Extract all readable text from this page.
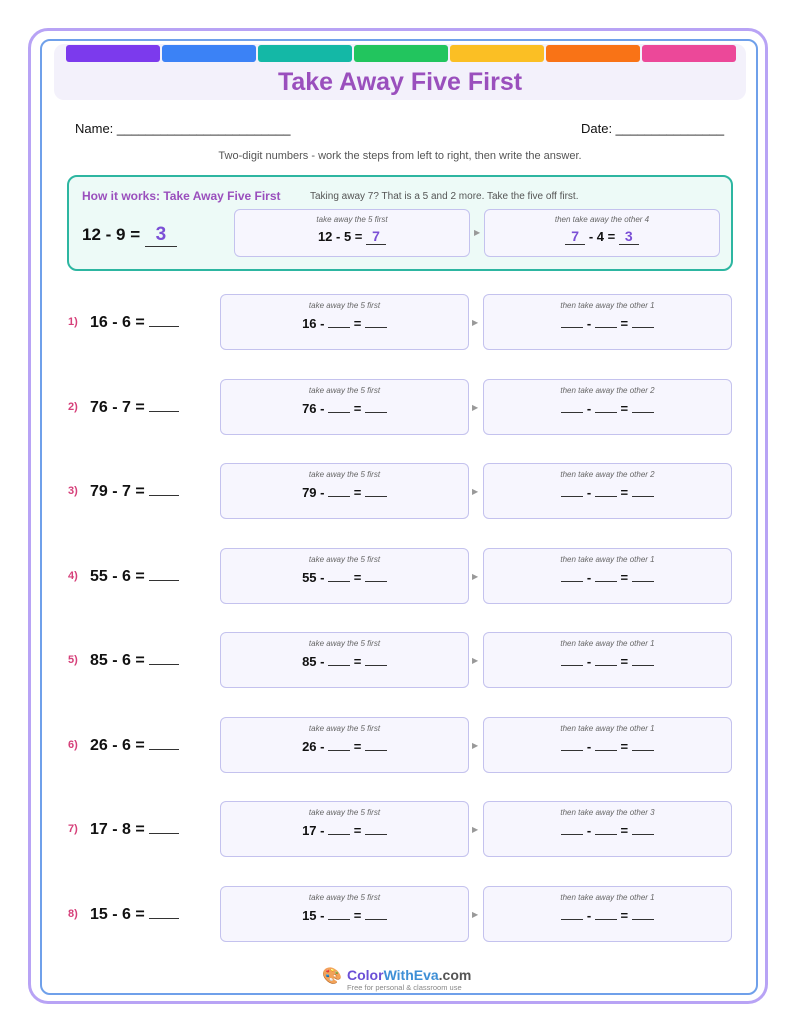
Take Away Five First
Name: ________________________	Date: _______________
Two-digit numbers - work the steps from left to right, then write the answer.
How it works: Take Away Five First	Taking away 7? That is a 5 and 2 more. Take the five off first.
12 - 9 = 3
take away the 5 first
12 - 5 = 7	▶
then take away the other 4
7 - 4 = 3
1) 16 - 6 =
take away the 5 first
16 - =	▶
then take away the other 1
- =
2) 76 - 7 =
take away the 5 first
76 - =	▶
then take away the other 2
- =
3) 79 - 7 =
take away the 5 first
79 - =	▶
then take away the other 2
- =
4) 55 - 6 =
take away the 5 first
55 - =	▶
then take away the other 1
- =
5) 85 - 6 =
take away the 5 first
85 - =	▶
then take away the other 1
- =
6) 26 - 6 =
take away the 5 first
26 - =	▶
then take away the other 1
- =
7) 17 - 8 =
take away the 5 first
17 - =	▶
then take away the other 3
- =
8) 15 - 6 =
take away the 5 first
15 - =	▶
then take away the other 1
- =
🎨 ColorWithEva.com
Free for personal & classroom use
